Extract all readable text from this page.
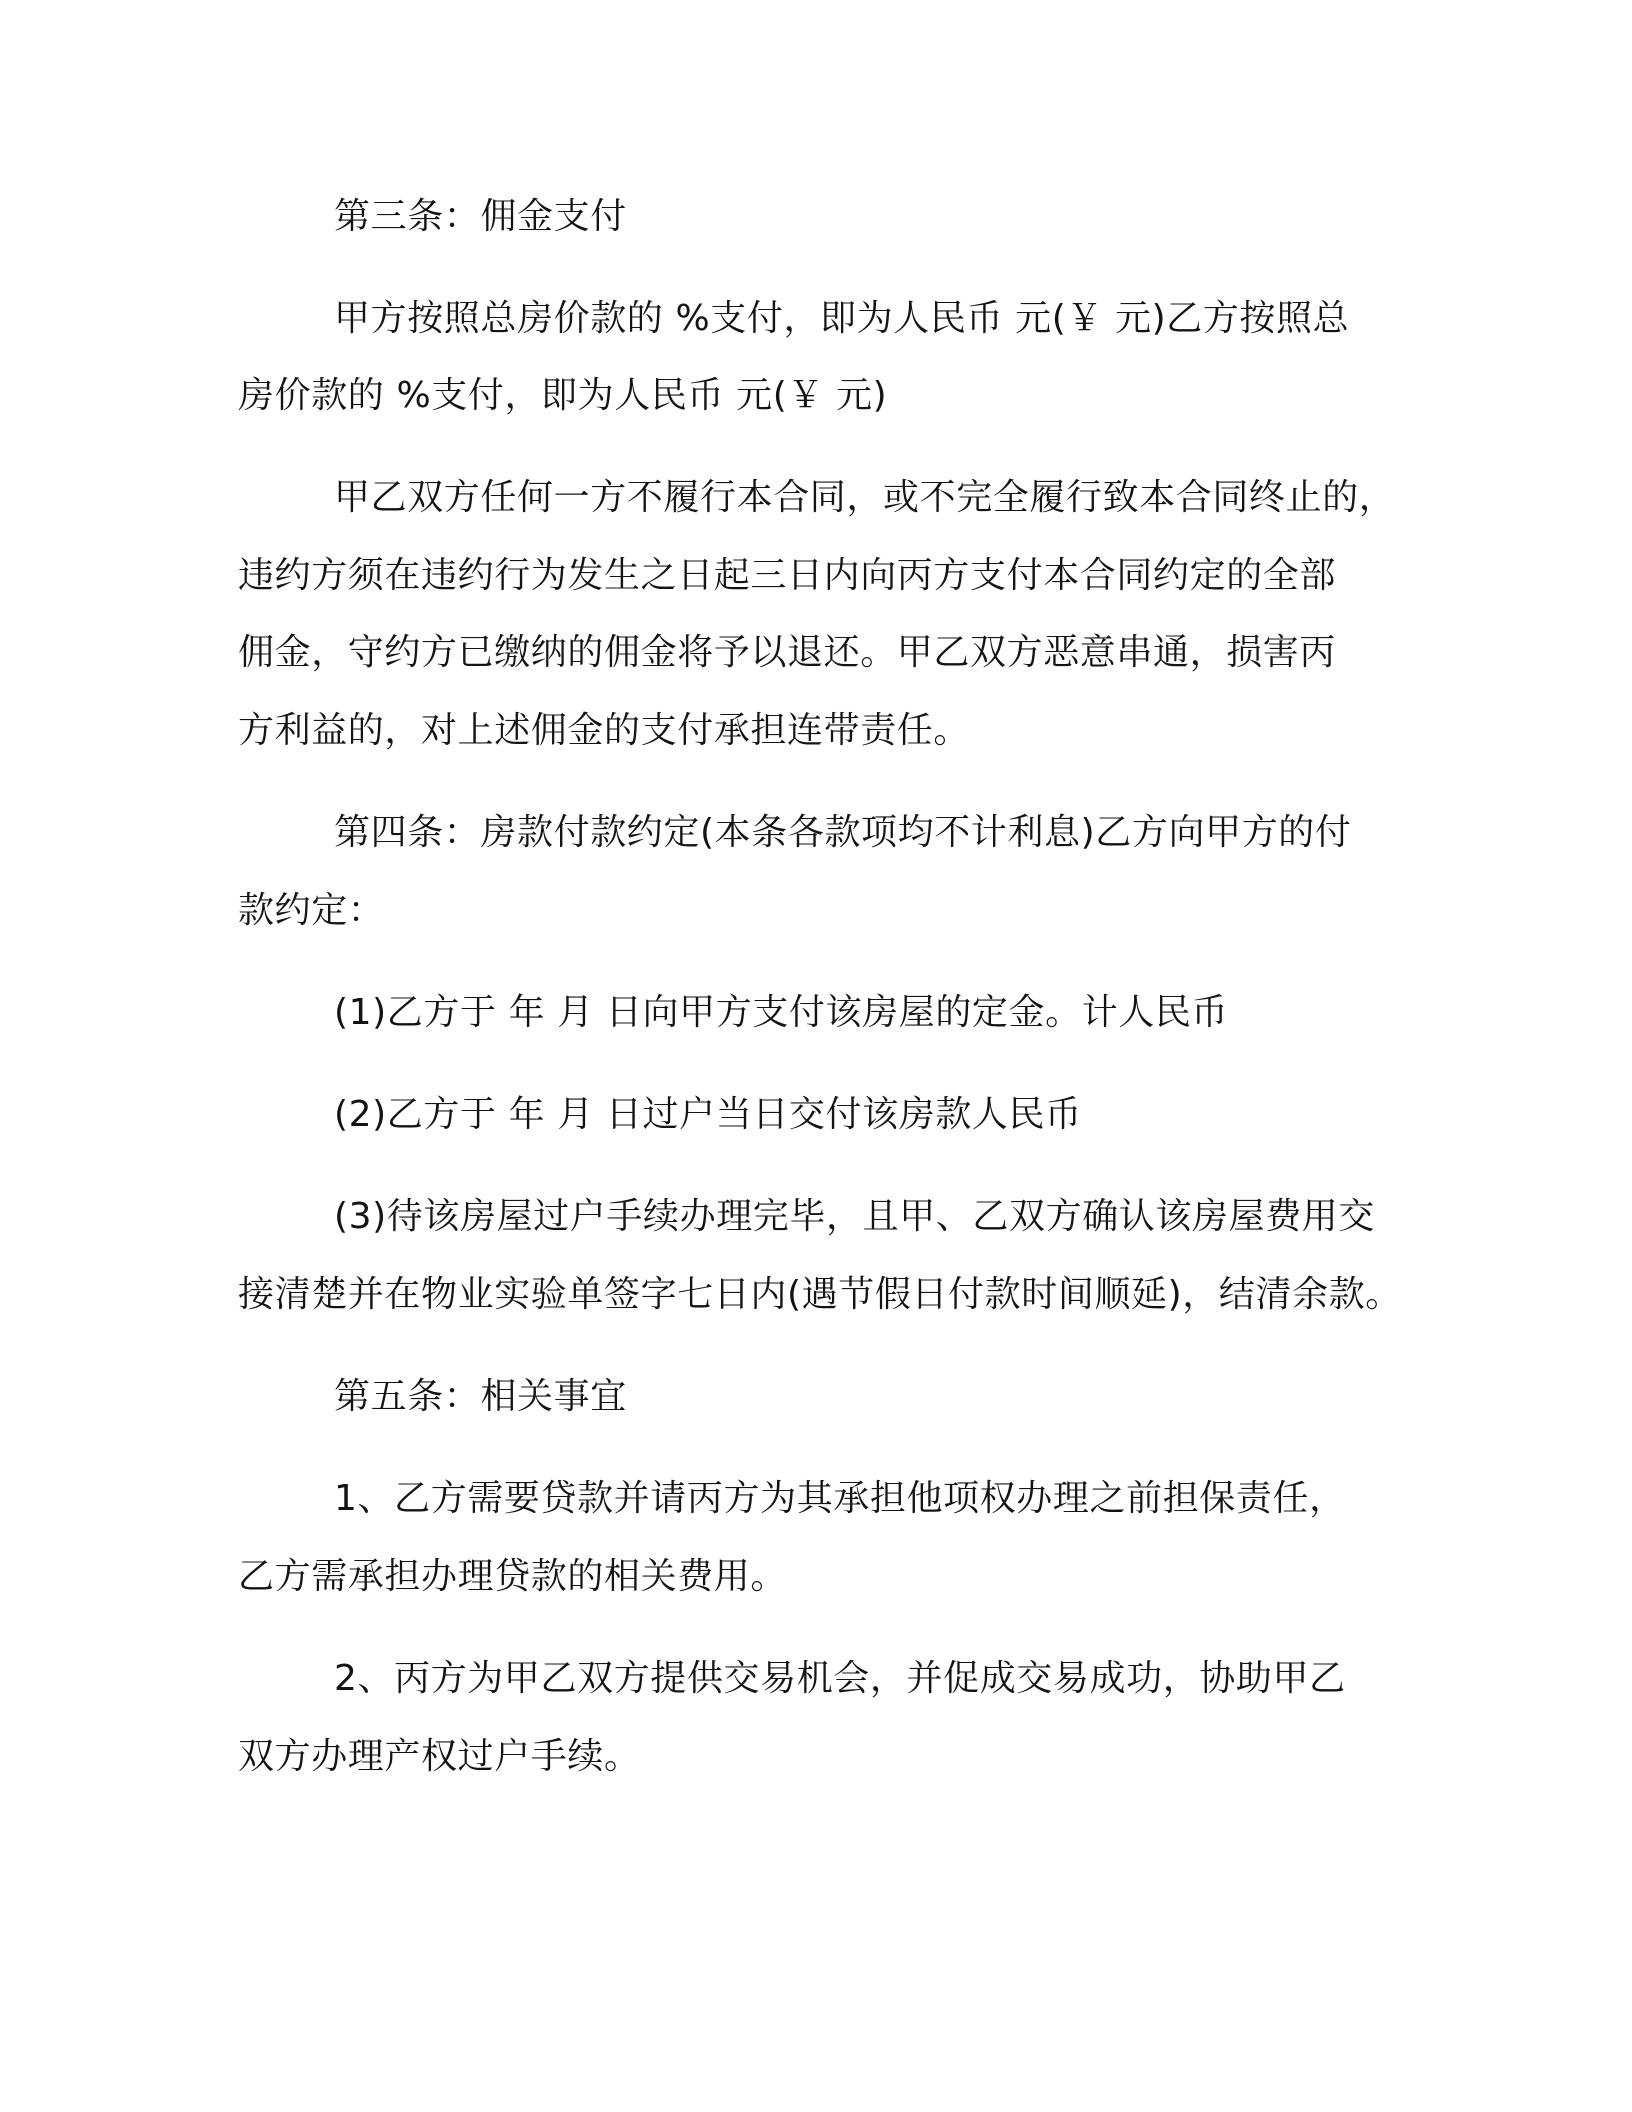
第三条：佣金支付
甲方按照总房价款的 %支付，即为人民币 元(￥ 元)乙方按照总
房价款的 %支付，即为人民币 元(￥ 元)
甲乙双方任何一方不履行本合同，或不完全履行致本合同终止的，
违约方须在违约行为发生之日起三日内向丙方支付本合同约定的全部
佣金，守约方已缴纳的佣金将予以退还。甲乙双方恶意串通，损害丙
方利益的，对上述佣金的支付承担连带责任。
第四条：房款付款约定(本条各款项均不计利息)乙方向甲方的付
款约定：
(1)乙方于 年 月 日向甲方支付该房屋的定金。计人民币
(2)乙方于 年 月 日过户当日交付该房款人民币
(3)待该房屋过户手续办理完毕，且甲、乙双方确认该房屋费用交
接清楚并在物业实验单签字七日内(遇节假日付款时间顺延)，结清余款。
第五条：相关事宜
1、乙方需要贷款并请丙方为其承担他项权办理之前担保责任，
乙方需承担办理贷款的相关费用。
2、丙方为甲乙双方提供交易机会，并促成交易成功，协助甲乙
双方办理产权过户手续。
